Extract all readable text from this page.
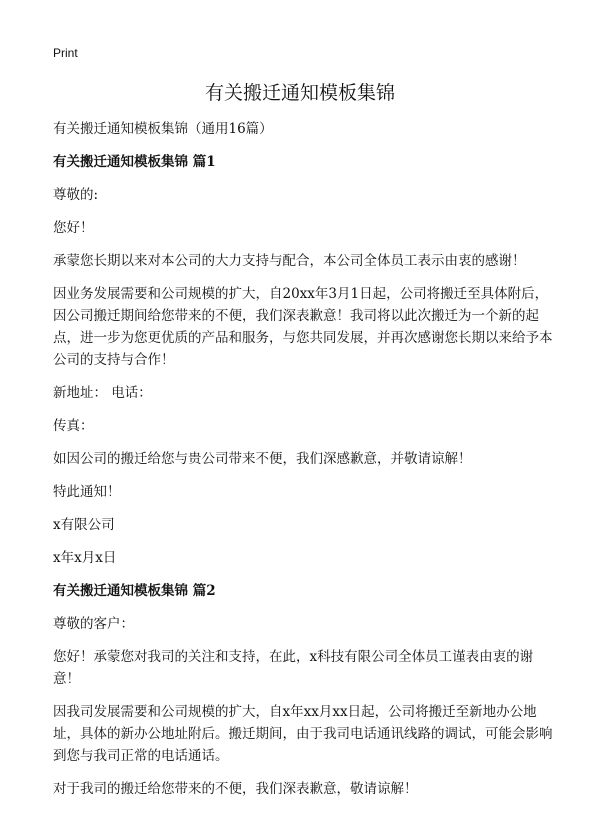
Print
有关搬迁通知模板集锦

有关搬迁通知模板集锦（通用16篇）

有关搬迁通知模板集锦 篇1

尊敬的:

您好！

承蒙您长期以来对本公司的大力支持与配合，本公司全体员工表示由衷的感谢！

因业务发展需要和公司规模的扩大，自20xx年3月1日起，公司将搬迁至具体附后，因公司搬迁期间给您带来的不便，我们深表歉意！我司将以此次搬迁为一个新的起点，进一步为您更优质的产品和服务，与您共同发展，并再次感谢您长期以来给予本公司的支持与合作！

新地址： 电话：

传真：

如因公司的搬迁给您与贵公司带来不便，我们深感歉意，并敬请谅解！

特此通知！

x有限公司

x年x月x日

有关搬迁通知模板集锦 篇2

尊敬的客户：

您好！承蒙您对我司的关注和支持，在此，x科技有限公司全体员工谨表由衷的谢意！

因我司发展需要和公司规模的扩大，自x年xx月xx日起，公司将搬迁至新地办公地址，具体的新办公地址附后。搬迁期间，由于我司电话通讯线路的调试，可能会影响到您与我司正常的电话通话。

对于我司的搬迁给您带来的不便，我们深表歉意，敬请谅解！
